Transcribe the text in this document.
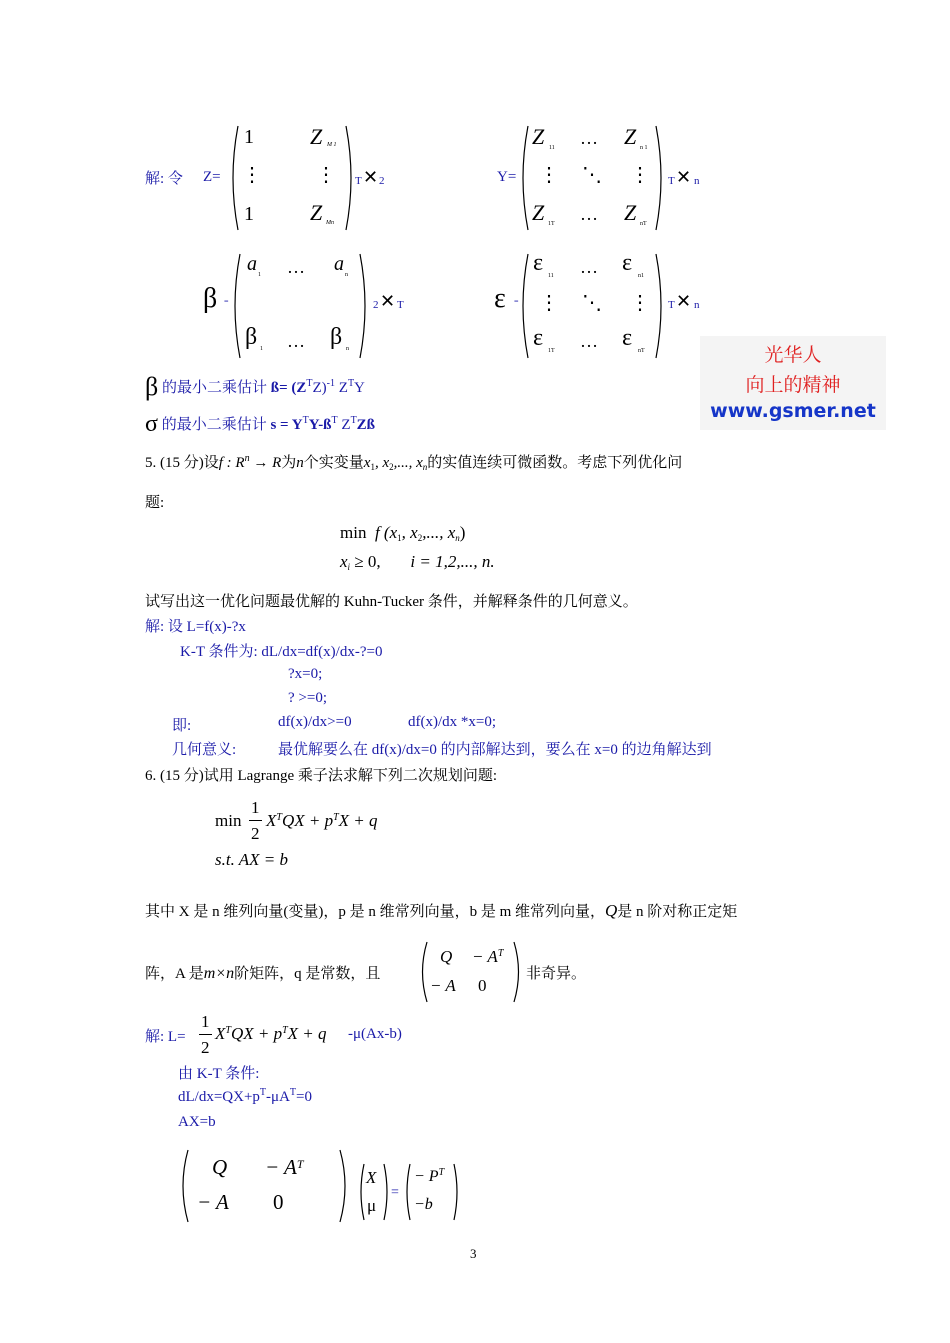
解: 令 Z=
1	Z M 1
⋮	⋮
1	Z Mn
T ✕ 2	Y=
Z 11 … Z n 1
⋮ ⋱ ⋮
Z 1T … Z nT
T ✕ n
β =
a 1 … a n
β 1 … β n
2 ✕ T	ε =
ε 11 … ε n1
⋮ ⋱ ⋮
ε 1T … ε nT
T ✕ n
光华人
向上的精神
www.gsmer.net
β 的最小二乘估计 ß= $(Z^TZ)^{-1}$ $Z^TY$
σ 的最小二乘估计 $s = Y^TY-ß^T$ $Z^TZß$
5. (15 分)设f : $R^n \to R$为n个实变量$x_1$, $x_2$,..., $x_n$的实值连续可微函数。考虑下列优化问
题:
min f ($x_1$, $x_2$,..., $x_n$)
$x_i \ge 0$, i = 1,2,..., n.
试写出这一优化问题最优解的 Kuhn-Tucker 条件，并解释条件的几何意义。
解: 设 L=f(x)-?x
K-T 条件为: dL/dx=df(x)/dx-?=0
?x=0;
? >=0;
即:	df(x)/dx>=0	df(x)/dx *x=0;
几何意义:	最优解要么在 df(x)/dx=0 的内部解达到，要么在 x=0 的边角解达到
6. (15 分)试用 Lagrange 乘子法求解下列二次规划问题:
min
1
2
$X^TQX + p^TX + q$
s.t. AX = b
其中 X 是 n 维列向量(变量)，p 是 n 维常列向量，b 是 m 维常列向量，Q是 n 阶对称正定矩
阵，A 是m×n阶矩阵，q 是常数，且
$Q - A^T$
− A 0
非奇异。
解: L=
1
2
$X^TQX + p^TX + q$ -μ(Ax-b)
由 K-T 条件:
$dL/dx=QX+p^T-\mu A^T=0$
AX=b
$Q - A^T$
− A 0
X
μ
=
− $P^T$
−b
3
